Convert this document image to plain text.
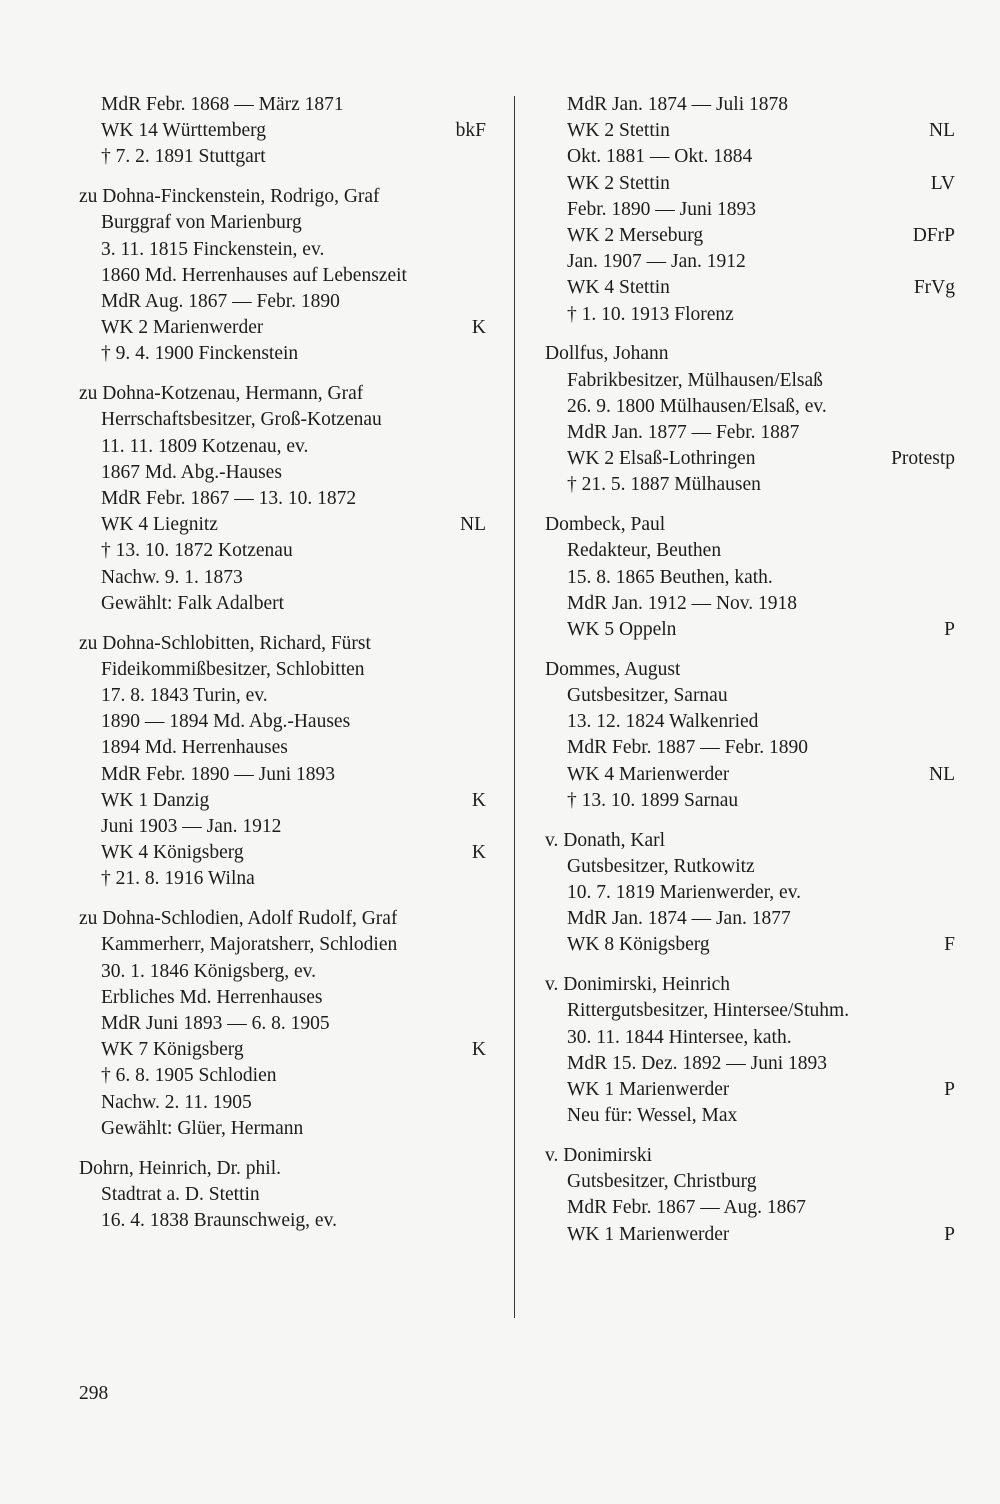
MdR Febr. 1868 — März 1871
WK 14 Württemberg	bkF
† 7. 2. 1891 Stuttgart
zu Dohna-Finckenstein, Rodrigo, Graf
Burggraf von Marienburg
3. 11. 1815 Finckenstein, ev.
1860 Md. Herrenhauses auf Lebenszeit
MdR Aug. 1867 — Febr. 1890
WK 2 Marienwerder	K
† 9. 4. 1900 Finckenstein
zu Dohna-Kotzenau, Hermann, Graf
Herrschaftsbesitzer, Groß-Kotzenau
11. 11. 1809 Kotzenau, ev.
1867 Md. Abg.-Hauses
MdR Febr. 1867 — 13. 10. 1872
WK 4 Liegnitz	NL
† 13. 10. 1872 Kotzenau
Nachw. 9. 1. 1873
Gewählt: Falk Adalbert
zu Dohna-Schlobitten, Richard, Fürst
Fideikommißbesitzer, Schlobitten
17. 8. 1843 Turin, ev.
1890 — 1894 Md. Abg.-Hauses
1894 Md. Herrenhauses
MdR Febr. 1890 — Juni 1893
WK 1 Danzig	K
Juni 1903 — Jan. 1912
WK 4 Königsberg	K
† 21. 8. 1916 Wilna
zu Dohna-Schlodien, Adolf Rudolf, Graf
Kammerherr, Majoratsherr, Schlodien
30. 1. 1846 Königsberg, ev.
Erbliches Md. Herrenhauses
MdR Juni 1893 — 6. 8. 1905
WK 7 Königsberg	K
† 6. 8. 1905 Schlodien
Nachw. 2. 11. 1905
Gewählt: Glüer, Hermann
Dohrn, Heinrich, Dr. phil.
Stadtrat a. D. Stettin
16. 4. 1838 Braunschweig, ev.
MdR Jan. 1874 — Juli 1878
WK 2 Stettin	NL
Okt. 1881 — Okt. 1884
WK 2 Stettin	LV
Febr. 1890 — Juni 1893
WK 2 Merseburg	DFrP
Jan. 1907 — Jan. 1912
WK 4 Stettin	FrVg
† 1. 10. 1913 Florenz
Dollfus, Johann
Fabrikbesitzer, Mülhausen/Elsaß
26. 9. 1800 Mülhausen/Elsaß, ev.
MdR Jan. 1877 — Febr. 1887
WK 2 Elsaß-Lothringen	Protestp
† 21. 5. 1887 Mülhausen
Dombeck, Paul
Redakteur, Beuthen
15. 8. 1865 Beuthen, kath.
MdR Jan. 1912 — Nov. 1918
WK 5 Oppeln	P
Dommes, August
Gutsbesitzer, Sarnau
13. 12. 1824 Walkenried
MdR Febr. 1887 — Febr. 1890
WK 4 Marienwerder	NL
† 13. 10. 1899 Sarnau
v. Donath, Karl
Gutsbesitzer, Rutkowitz
10. 7. 1819 Marienwerder, ev.
MdR Jan. 1874 — Jan. 1877
WK 8 Königsberg	F
v. Donimirski, Heinrich
Rittergutsbesitzer, Hintersee/Stuhm.
30. 11. 1844 Hintersee, kath.
MdR 15. Dez. 1892 — Juni 1893
WK 1 Marienwerder	P
Neu für: Wessel, Max
v. Donimirski
Gutsbesitzer, Christburg
MdR Febr. 1867 — Aug. 1867
WK 1 Marienwerder	P
298
